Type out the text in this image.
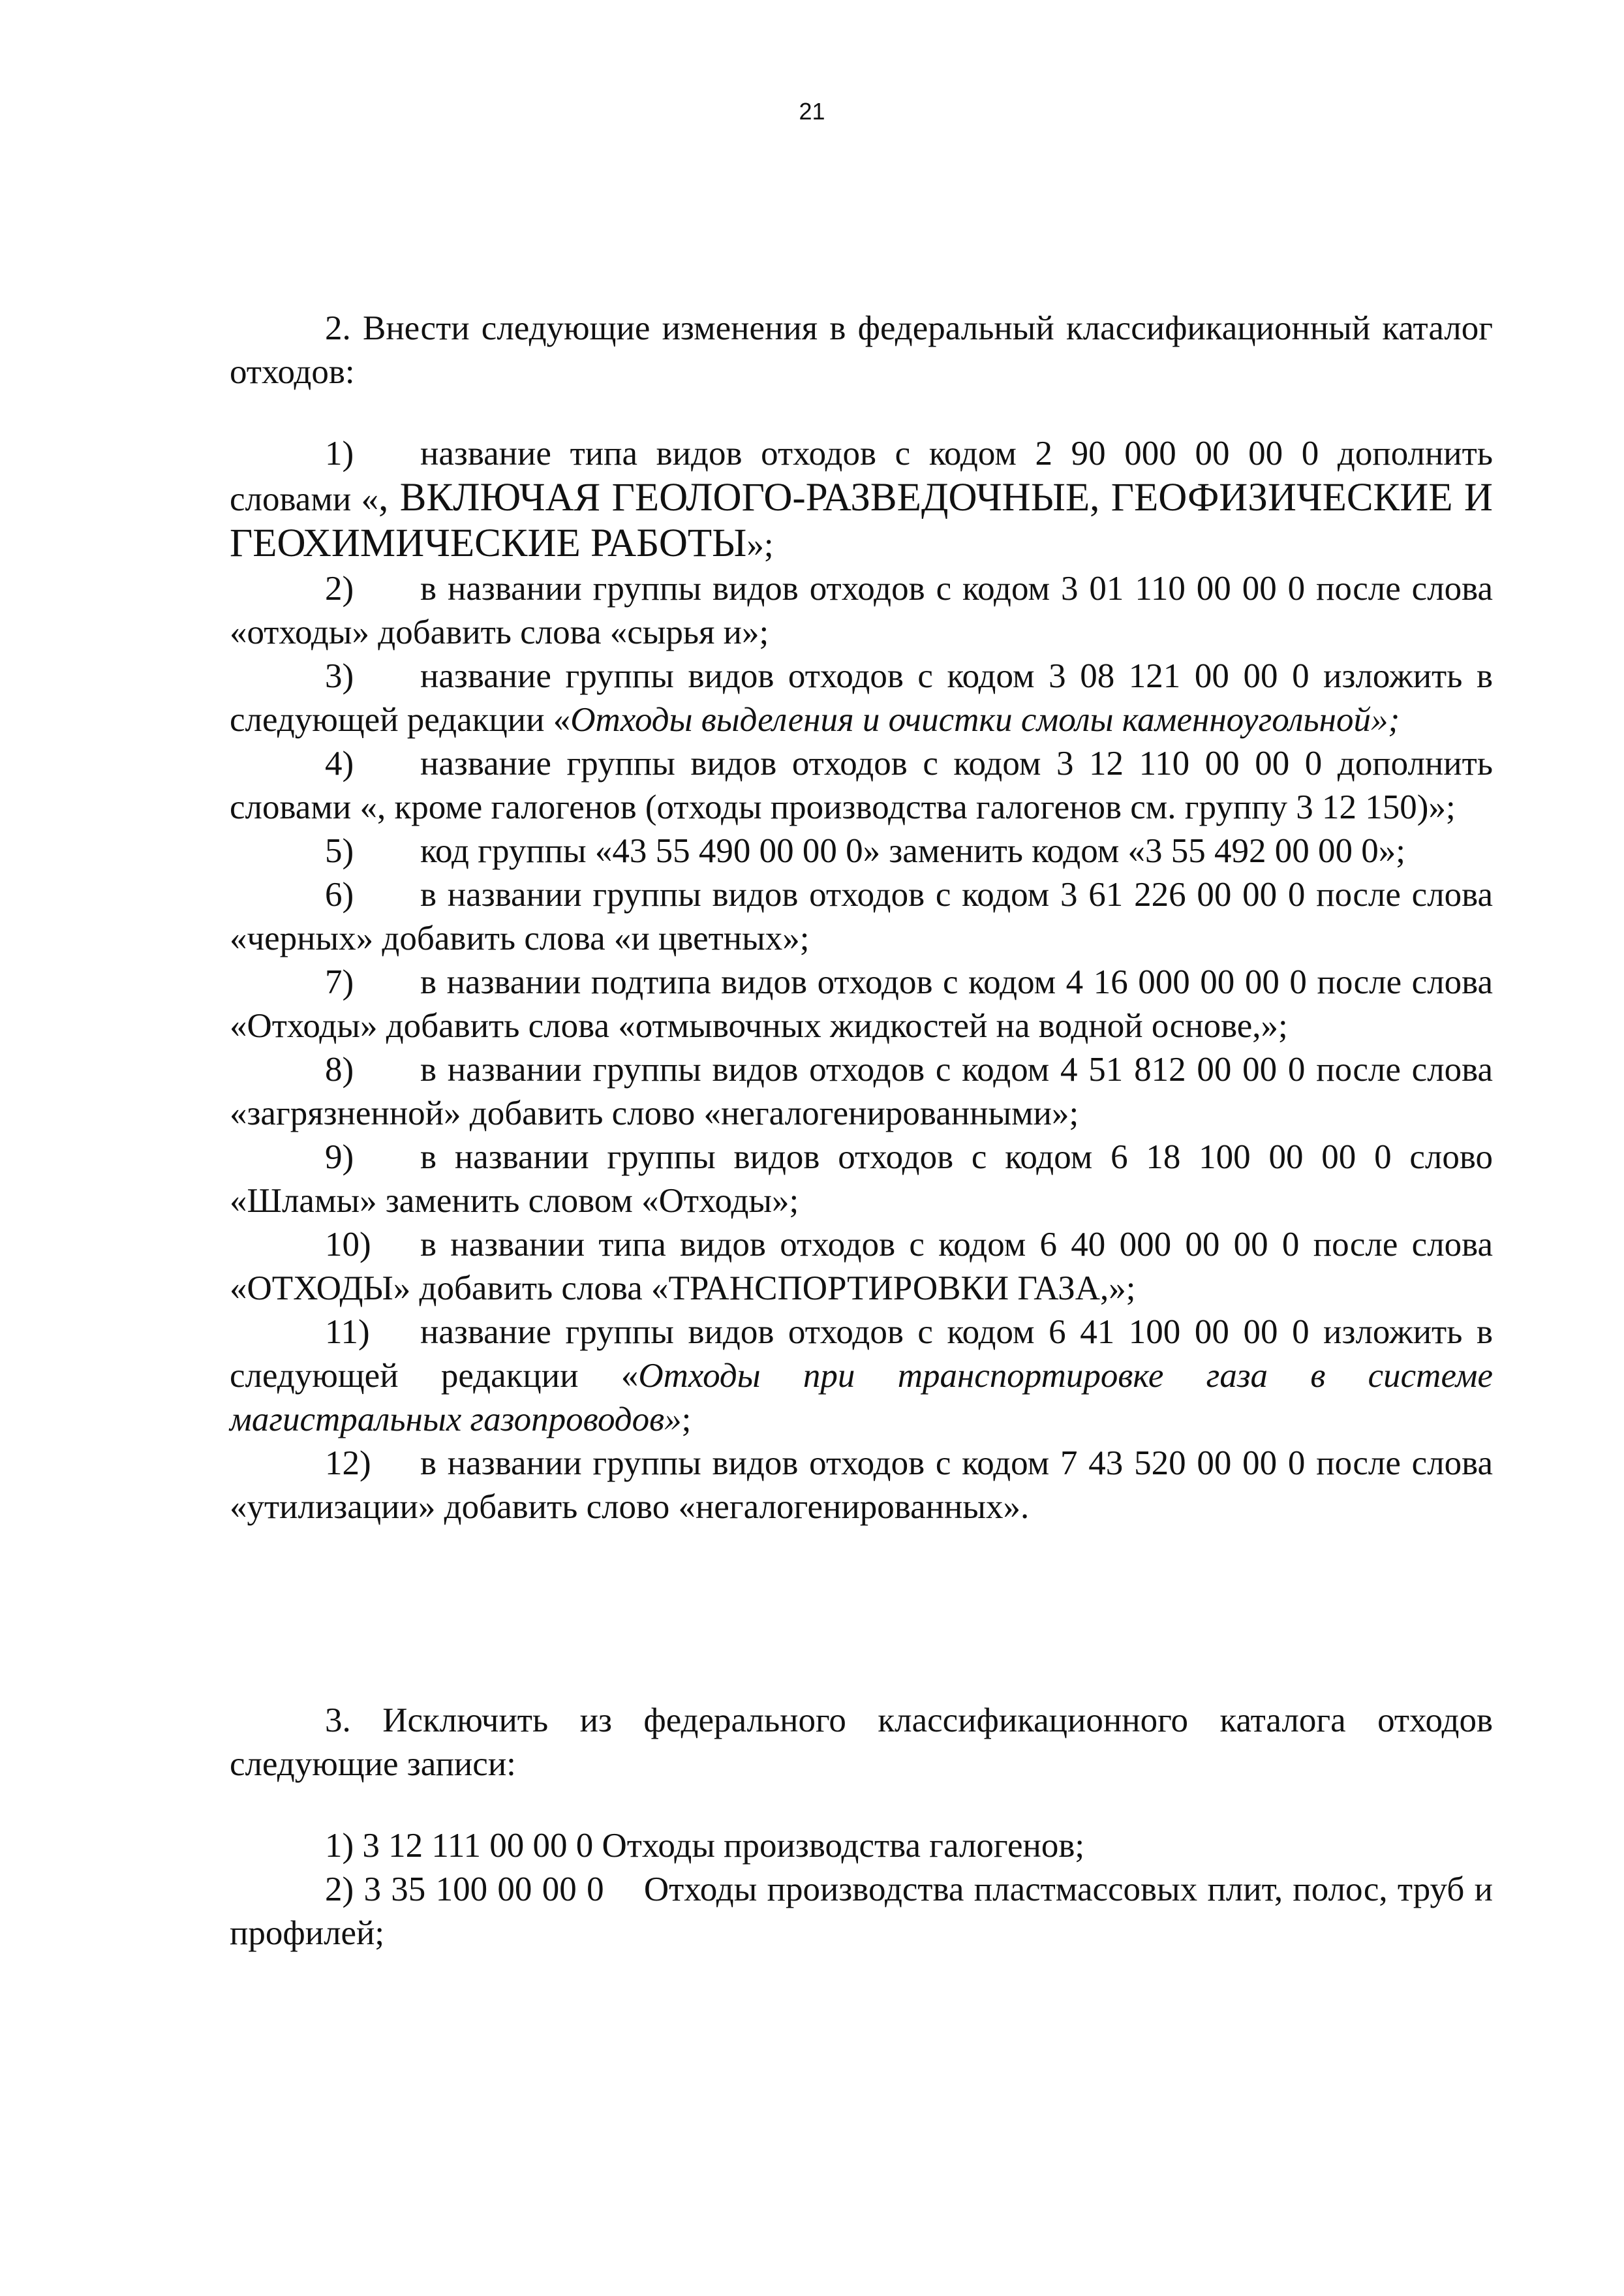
21

2. Внести следующие изменения в федеральный классификационный каталог отходов:

1) название типа видов отходов с кодом 2 90 000 00 00 0 дополнить словами «, ВКЛЮЧАЯ ГЕОЛОГО-РАЗВЕДОЧНЫЕ, ГЕОФИЗИЧЕСКИЕ И ГЕОХИМИЧЕСКИЕ РАБОТЫ»;

2) в названии группы видов отходов с кодом 3 01 110 00 00 0 после слова «отходы» добавить слова «сырья и»;

3) название группы видов отходов с кодом 3 08 121 00 00 0 изложить в следующей редакции «Отходы выделения и очистки смолы каменноугольной»;

4) название группы видов отходов с кодом 3 12 110 00 00 0 дополнить словами «, кроме галогенов (отходы производства галогенов см. группу 3 12 150)»;

5) код группы «43 55 490 00 00 0» заменить кодом «3 55 492 00 00 0»;

6) в названии группы видов отходов с кодом 3 61 226 00 00 0 после слова «черных» добавить слова «и цветных»;

7) в названии подтипа видов отходов с кодом 4 16 000 00 00 0 после слова «Отходы» добавить слова «отмывочных жидкостей на водной основе,»;

8) в названии группы видов отходов с кодом 4 51 812 00 00 0 после слова «загрязненной» добавить слово «негалогенированными»;

9) в названии группы видов отходов с кодом 6 18 100 00 00 0 слово «Шламы» заменить словом «Отходы»;

10) в названии типа видов отходов с кодом 6 40 000 00 00 0 после слова «ОТХОДЫ» добавить слова «ТРАНСПОРТИРОВКИ ГАЗА,»;

11) название группы видов отходов с кодом 6 41 100 00 00 0 изложить в следующей редакции «Отходы при транспортировке газа в системе магистральных газопроводов»;

12) в названии группы видов отходов с кодом 7 43 520 00 00 0 после слова «утилизации» добавить слово «негалогенированных».

3. Исключить из федерального классификационного каталога отходов следующие записи:

1) 3 12 111 00 00 0 Отходы производства галогенов;

2) 3 35 100 00 00 0    Отходы производства пластмассовых плит, полос, труб и профилей;
